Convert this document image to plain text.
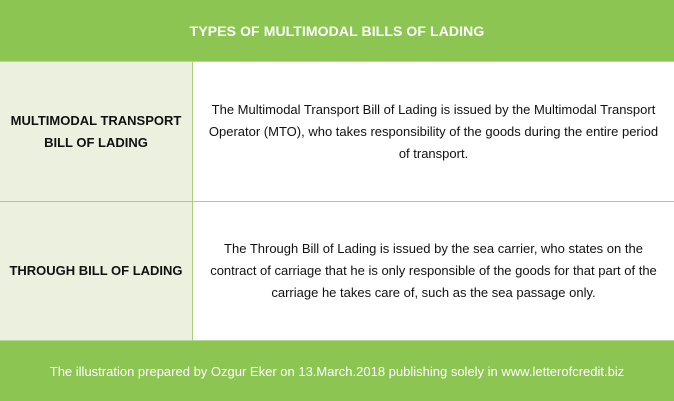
TYPES OF MULTIMODAL BILLS OF LADING
MULTIMODAL TRANSPORT BILL OF LADING
The Multimodal Transport Bill of Lading is issued by the Multimodal Transport Operator (MTO), who takes responsibility of the goods during the entire period of transport.
THROUGH BILL OF LADING
The Through Bill of Lading is issued by the sea carrier, who states on the contract of carriage that he is only responsible of the goods for that part of the carriage he takes care of, such as the sea passage only.
The illustration prepared by Ozgur Eker on 13.March.2018 publishing solely in www.letterofcredit.biz
